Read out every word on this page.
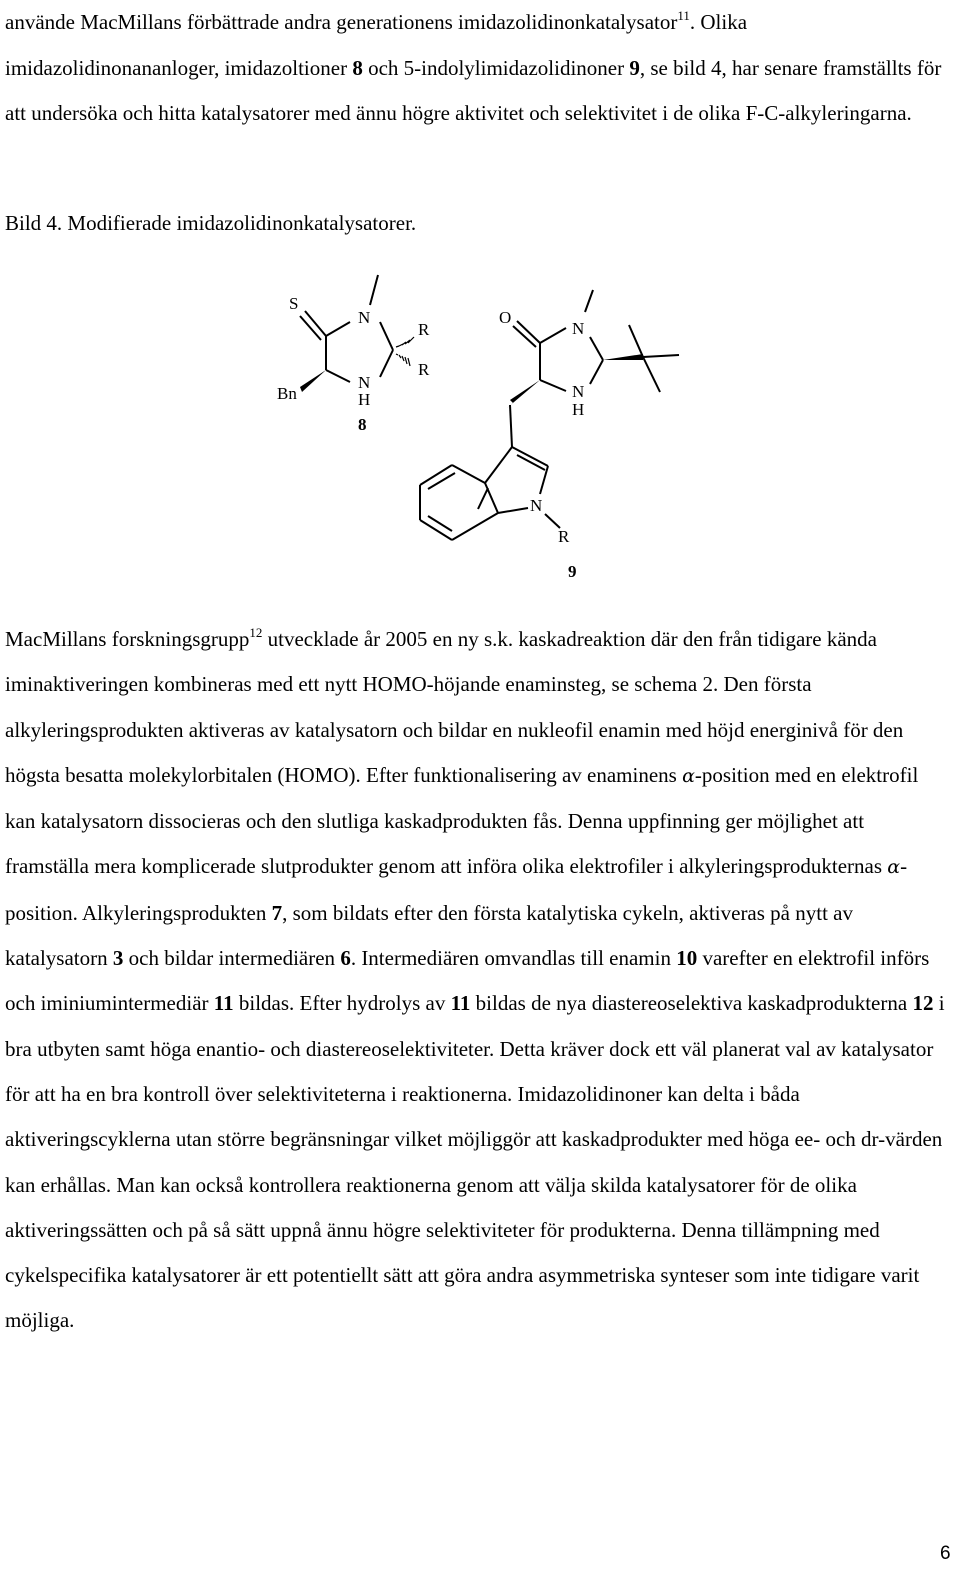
använde MacMillans förbättrade andra generationens imidazolidinonkatalysator$^{11}$. Olika imidazolidinonananloger, imidazoltioner 8 och 5-indolylimidazolidinoner 9, se bild 4, har senare framställts för att undersöka och hitta katalysatorer med ännu högre aktivitet och selektivitet i de olika F-C-alkyleringarna.

Bild 4. Modifierade imidazolidinonkatalysatorer.

S
N
R
R
N
H
Bn
8
O
N
N
H
N
R
9

MacMillans forskningsgrupp$^{12}$ utvecklade år 2005 en ny s.k. kaskadreaktion där den från tidigare kända iminaktiveringen kombineras med ett nytt HOMO-höjande enaminsteg, se schema 2. Den första alkyleringsprodukten aktiveras av katalysatorn och bildar en nukleofil enamin med höjd energinivå för den högsta besatta molekylorbitalen (HOMO). Efter funktionalisering av enaminens α-position med en elektrofil kan katalysatorn dissocieras och den slutliga kaskadprodukten fås. Denna uppfinning ger möjlighet att framställa mera komplicerade slutprodukter genom att införa olika elektrofiler i alkyleringsprodukternas α-position. Alkyleringsprodukten 7, som bildats efter den första katalytiska cykeln, aktiveras på nytt av katalysatorn 3 och bildar intermediären 6. Intermediären omvandlas till enamin 10 varefter en elektrofil införs och iminiumintermediär 11 bildas. Efter hydrolys av 11 bildas de nya diastereoselektiva kaskadprodukterna 12 i bra utbyten samt höga enantio- och diastereoselektiviteter. Detta kräver dock ett väl planerat val av katalysator för att ha en bra kontroll över selektiviteterna i reaktionerna. Imidazolidinoner kan delta i båda aktiveringscyklerna utan större begränsningar vilket möjliggör att kaskadprodukter med höga ee- och dr-värden kan erhållas. Man kan också kontrollera reaktionerna genom att välja skilda katalysatorer för de olika aktiveringssätten och på så sätt uppnå ännu högre selektiviteter för produkterna. Denna tillämpning med cykelspecifika katalysatorer är ett potentiellt sätt att göra andra asymmetriska synteser som inte tidigare varit möjliga.

6
